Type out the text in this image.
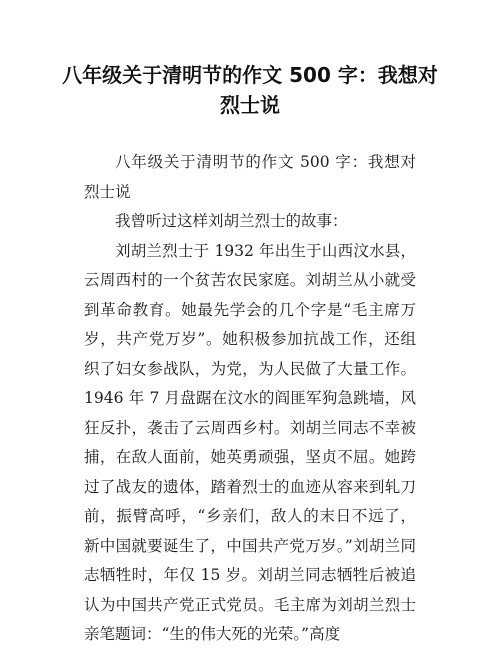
八年级关于清明节的作文 500 字：我想对烈士说

八年级关于清明节的作文 500 字：我想对烈士说

我曾听过这样刘胡兰烈士的故事：

刘胡兰烈士于 1932 年出生于山西汶水县，云周西村的一个贫苦农民家庭。刘胡兰从小就受到革命教育。她最先学会的几个字是“毛主席万岁，共产党万岁”。她积极参加抗战工作，还组织了妇女参战队，为党，为人民做了大量工作。1946 年 7 月盘踞在汶水的阎匪军狗急跳墙，风狂反扑，袭击了云周西乡村。刘胡兰同志不幸被捕，在敌人面前，她英勇顽强，坚贞不屈。她跨过了战友的遗体，踏着烈士的血迹从容来到轧刀前，振臂高呼，“乡亲们，敌人的末日不远了，新中国就要诞生了，中国共产党万岁。”刘胡兰同志牺牲时，年仅 15 岁。刘胡兰同志牺牲后被追认为中国共产党正式党员。毛主席为刘胡兰烈士亲笔题词：“生的伟大死的光荣。”高度
